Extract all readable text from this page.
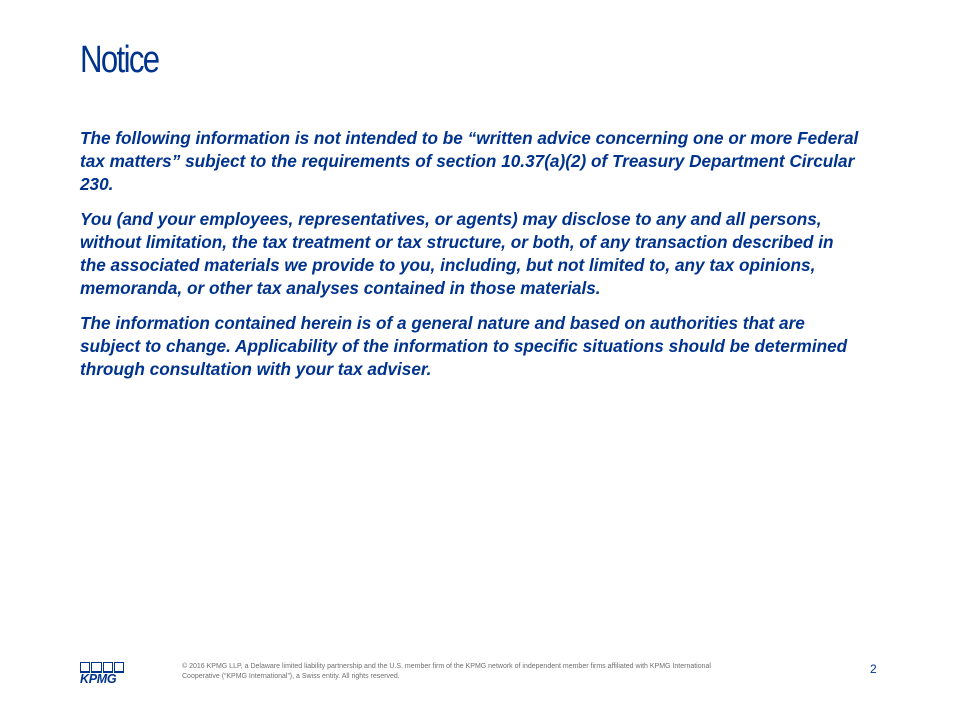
Notice

The following information is not intended to be “written advice concerning one or more Federal tax matters” subject to the requirements of section 10.37(a)(2) of Treasury Department Circular 230.

You (and your employees, representatives, or agents) may disclose to any and all persons, without limitation, the tax treatment or tax structure, or both, of any transaction described in the associated materials we provide to you, including, but not limited to, any tax opinions, memoranda, or other tax analyses contained in those materials.

The information contained herein is of a general nature and based on authorities that are subject to change. Applicability of the information to specific situations should be determined through consultation with your tax adviser.

KPMG
© 2016 KPMG LLP, a Delaware limited liability partnership and the U.S. member firm of the KPMG network of independent member firms affiliated with KPMG International
Cooperative (“KPMG International”), a Swiss entity. All rights reserved.
2
